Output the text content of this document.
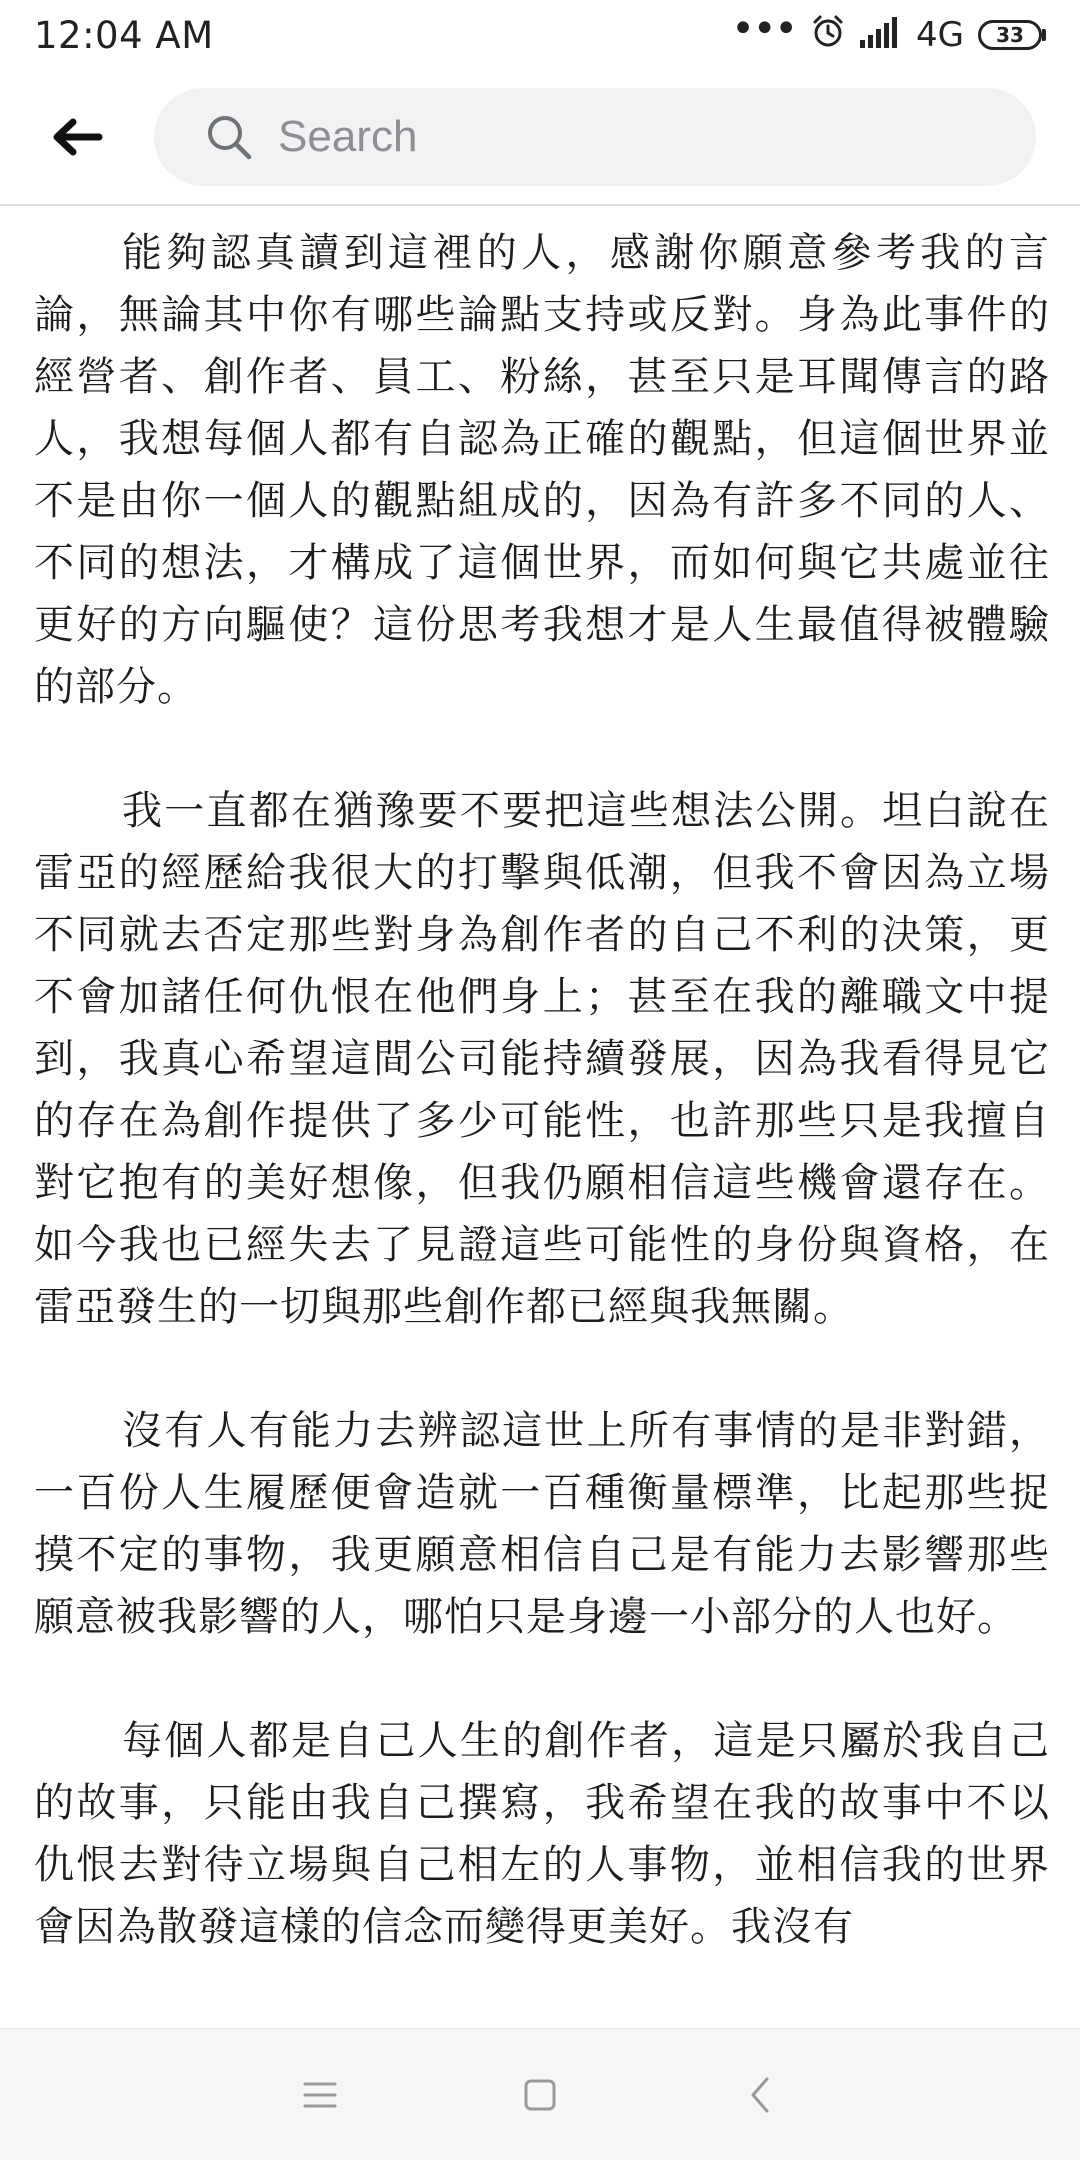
12:04 AM	•••	4G	33
Search

能夠認真讀到這裡的人，感謝你願意參考我的言論，無論其中你有哪些論點支持或反對。身為此事件的經營者、創作者、員工、粉絲，甚至只是耳聞傳言的路人，我想每個人都有自認為正確的觀點，但這個世界並不是由你一個人的觀點組成的，因為有許多不同的人、不同的想法，才構成了這個世界，而如何與它共處並往更好的方向驅使？這份思考我想才是人生最值得被體驗的部分。

我一直都在猶豫要不要把這些想法公開。坦白說在雷亞的經歷給我很大的打擊與低潮，但我不會因為立場不同就去否定那些對身為創作者的自己不利的決策，更不會加諸任何仇恨在他們身上；甚至在我的離職文中提到，我真心希望這間公司能持續發展，因為我看得見它的存在為創作提供了多少可能性，也許那些只是我擅自對它抱有的美好想像，但我仍願相信這些機會還存在。如今我也已經失去了見證這些可能性的身份與資格，在雷亞發生的一切與那些創作都已經與我無關。

沒有人有能力去辨認這世上所有事情的是非對錯，一百份人生履歷便會造就一百種衡量標準，比起那些捉摸不定的事物，我更願意相信自己是有能力去影響那些願意被我影響的人，哪怕只是身邊一小部分的人也好。

每個人都是自己人生的創作者，這是只屬於我自己的故事，只能由我自己撰寫，我希望在我的故事中不以仇恨去對待立場與自己相左的人事物，並相信我的世界會因為散發這樣的信念而變得更美好。我沒有
